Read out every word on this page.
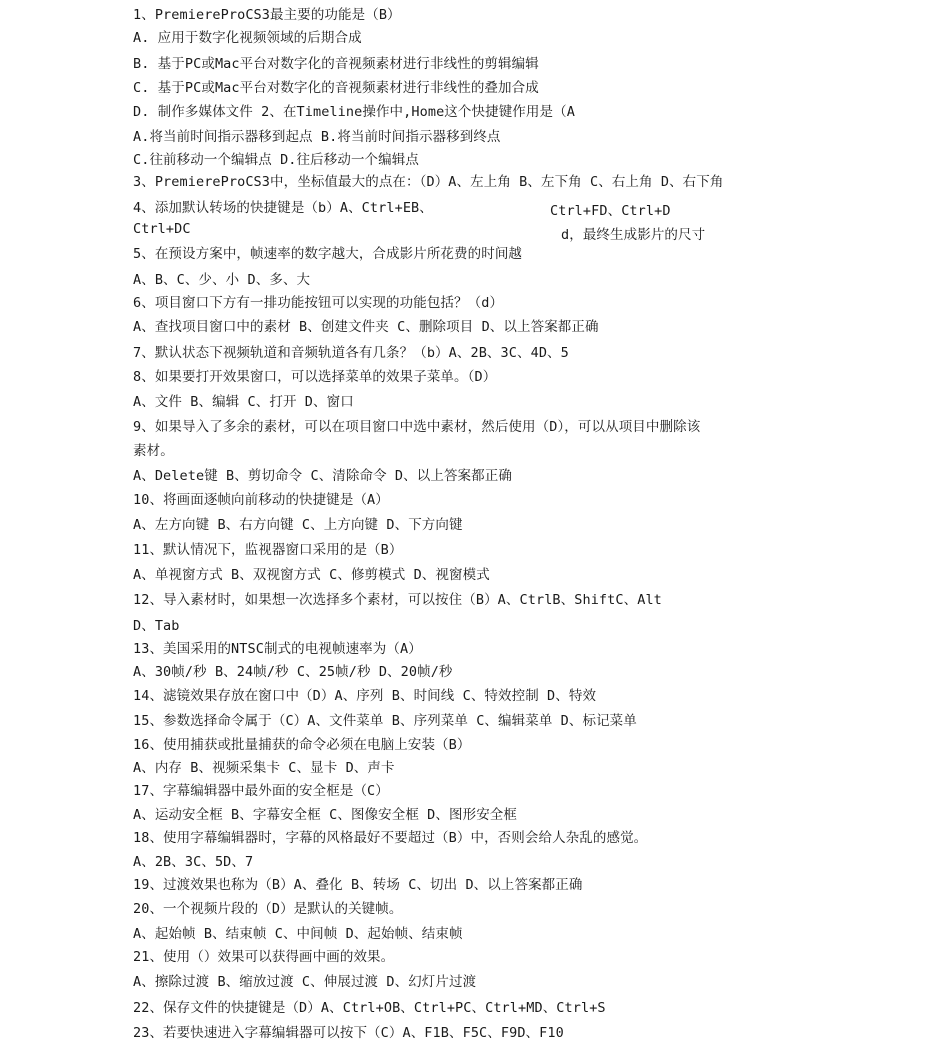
1、PremiereProCS3最主要的功能是（B）
A. 应用于数字化视频领域的后期合成
B. 基于PC或Mac平台对数字化的音视频素材进行非线性的剪辑编辑
C. 基于PC或Mac平台对数字化的音视频素材进行非线性的叠加合成
D. 制作多媒体文件 2、在Timeline操作中,Home这个快捷键作用是（A
A.将当前时间指示器移到起点 B.将当前时间指示器移到终点
C.往前移动一个编辑点 D.往后移动一个编辑点
3、PremiereProCS3中，坐标值最大的点在：（D）A、左上角 B、左下角 C、右上角 D、右下角
4、添加默认转场的快捷键是（b）A、Ctrl+EB、	Ctrl+FD、Ctrl+D
Ctrl+DC	d，最终生成影片的尺寸
5、在预设方案中，帧速率的数字越大，合成影片所花费的时间越
A、B、C、少、小 D、多、大
6、项目窗口下方有一排功能按钮可以实现的功能包括？（d）
A、查找项目窗口中的素材 B、创建文件夹 C、删除项目 D、以上答案都正确
7、默认状态下视频轨道和音频轨道各有几条？（b）A、2B、3C、4D、5
8、如果要打开效果窗口，可以选择菜单的效果子菜单。（D）
A、文件 B、编辑 C、打开 D、窗口
9、如果导入了多余的素材，可以在项目窗口中选中素材，然后使用（D），可以从项目中删除该
素材。
A、Delete键 B、剪切命令 C、清除命令 D、以上答案都正确
10、将画面逐帧向前移动的快捷键是（A）
A、左方向键 B、右方向键 C、上方向键 D、下方向键
11、默认情况下，监视器窗口采用的是（B）
A、单视窗方式 B、双视窗方式 C、修剪模式 D、视窗模式
12、导入素材时，如果想一次选择多个素材，可以按住（B）A、CtrlB、ShiftC、Alt
D、Tab
13、美国采用的NTSC制式的电视帧速率为（A）
A、30帧/秒 B、24帧/秒 C、25帧/秒 D、20帧/秒
14、滤镜效果存放在窗口中（D）A、序列 B、时间线 C、特效控制 D、特效
15、参数选择命令属于（C）A、文件菜单 B、序列菜单 C、编辑菜单 D、标记菜单
16、使用捕获或批量捕获的命令必须在电脑上安装（B）
A、内存 B、视频采集卡 C、显卡 D、声卡
17、字幕编辑器中最外面的安全框是（C）
A、运动安全框 B、字幕安全框 C、图像安全框 D、图形安全框
18、使用字幕编辑器时，字幕的风格最好不要超过（B）中，否则会给人杂乱的感觉。
A、2B、3C、5D、7
19、过渡效果也称为（B）A、叠化 B、转场 C、切出 D、以上答案都正确
20、一个视频片段的（D）是默认的关键帧。
A、起始帧 B、结束帧 C、中间帧 D、起始帧、结束帧
21、使用（）效果可以获得画中画的效果。
A、擦除过渡 B、缩放过渡 C、伸展过渡 D、幻灯片过渡
22、保存文件的快捷键是（D）A、Ctrl+OB、Ctrl+PC、Ctrl+MD、Ctrl+S
23、若要快速进入字幕编辑器可以按下（C）A、F1B、F5C、F9D、F10
